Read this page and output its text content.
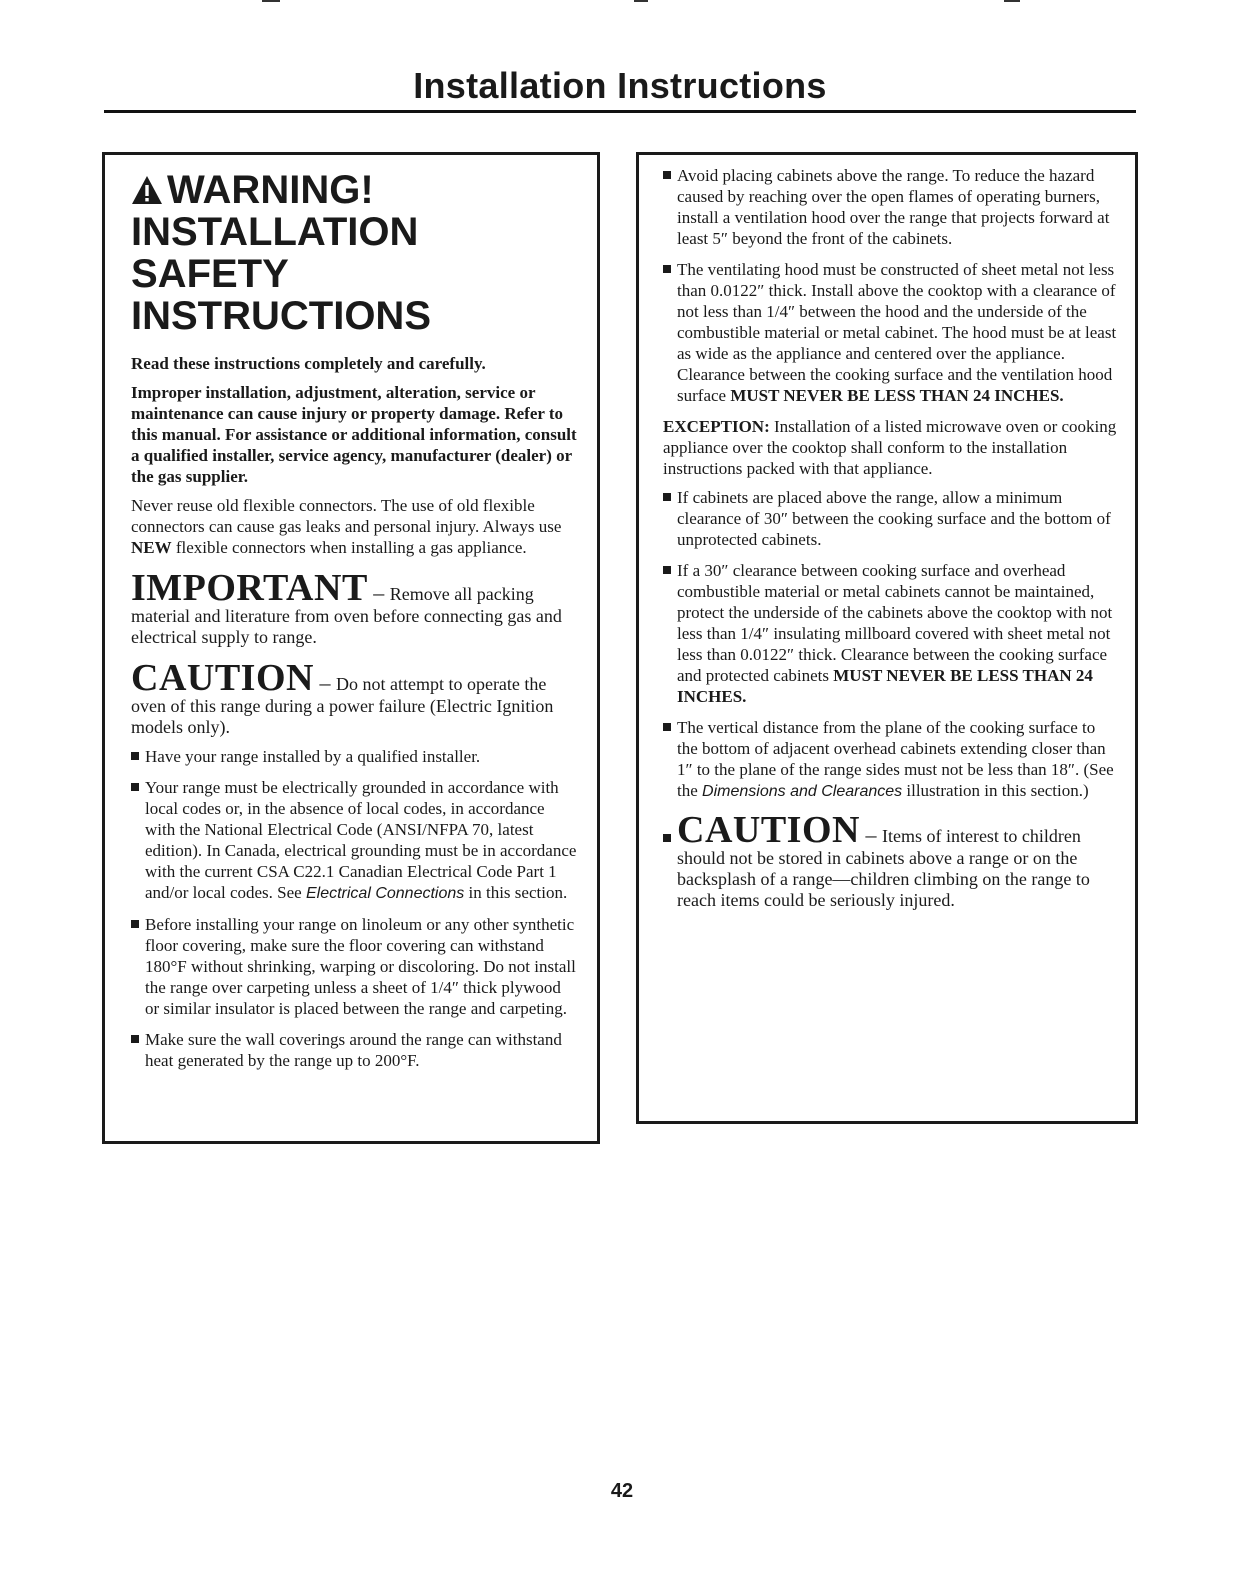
Installation Instructions
WARNING!
INSTALLATION SAFETY
INSTRUCTIONS

Read these instructions completely and carefully.

Improper installation, adjustment, alteration, service or maintenance can cause injury or property damage. Refer to this manual. For assistance or additional information, consult a qualified installer, service agency, manufacturer (dealer) or the gas supplier.

Never reuse old flexible connectors. The use of old flexible connectors can cause gas leaks and personal injury. Always use NEW flexible connectors when installing a gas appliance.

IMPORTANT – Remove all packing material and literature from oven before connecting gas and electrical supply to range.

CAUTION – Do not attempt to operate the oven of this range during a power failure (Electric Ignition models only).

Have your range installed by a qualified installer.
Your range must be electrically grounded in accordance with local codes or, in the absence of local codes, in accordance with the National Electrical Code (ANSI/NFPA 70, latest edition). In Canada, electrical grounding must be in accordance with the current CSA C22.1 Canadian Electrical Code Part 1 and/or local codes. See Electrical Connections in this section.
Before installing your range on linoleum or any other synthetic floor covering, make sure the floor covering can withstand 180°F without shrinking, warping or discoloring. Do not install the range over carpeting unless a sheet of 1/4″ thick plywood or similar insulator is placed between the range and carpeting.
Make sure the wall coverings around the range can withstand heat generated by the range up to 200°F.
Avoid placing cabinets above the range. To reduce the hazard caused by reaching over the open flames of operating burners, install a ventilation hood over the range that projects forward at least 5″ beyond the front of the cabinets.
The ventilating hood must be constructed of sheet metal not less than 0.0122″ thick. Install above the cooktop with a clearance of not less than 1/4″ between the hood and the underside of the combustible material or metal cabinet. The hood must be at least as wide as the appliance and centered over the appliance. Clearance between the cooking surface and the ventilation hood surface MUST NEVER BE LESS THAN 24 INCHES.

EXCEPTION: Installation of a listed microwave oven or cooking appliance over the cooktop shall conform to the installation instructions packed with that appliance.

If cabinets are placed above the range, allow a minimum clearance of 30″ between the cooking surface and the bottom of unprotected cabinets.
If a 30″ clearance between cooking surface and overhead combustible material or metal cabinets cannot be maintained, protect the underside of the cabinets above the cooktop with not less than 1/4″ insulating millboard covered with sheet metal not less than 0.0122″ thick. Clearance between the cooking surface and protected cabinets MUST NEVER BE LESS THAN 24 INCHES.
The vertical distance from the plane of the cooking surface to the bottom of adjacent overhead cabinets extending closer than 1″ to the plane of the range sides must not be less than 18″. (See the Dimensions and Clearances illustration in this section.)
CAUTION – Items of interest to children should not be stored in cabinets above a range or on the backsplash of a range—children climbing on the range to reach items could be seriously injured.
42
